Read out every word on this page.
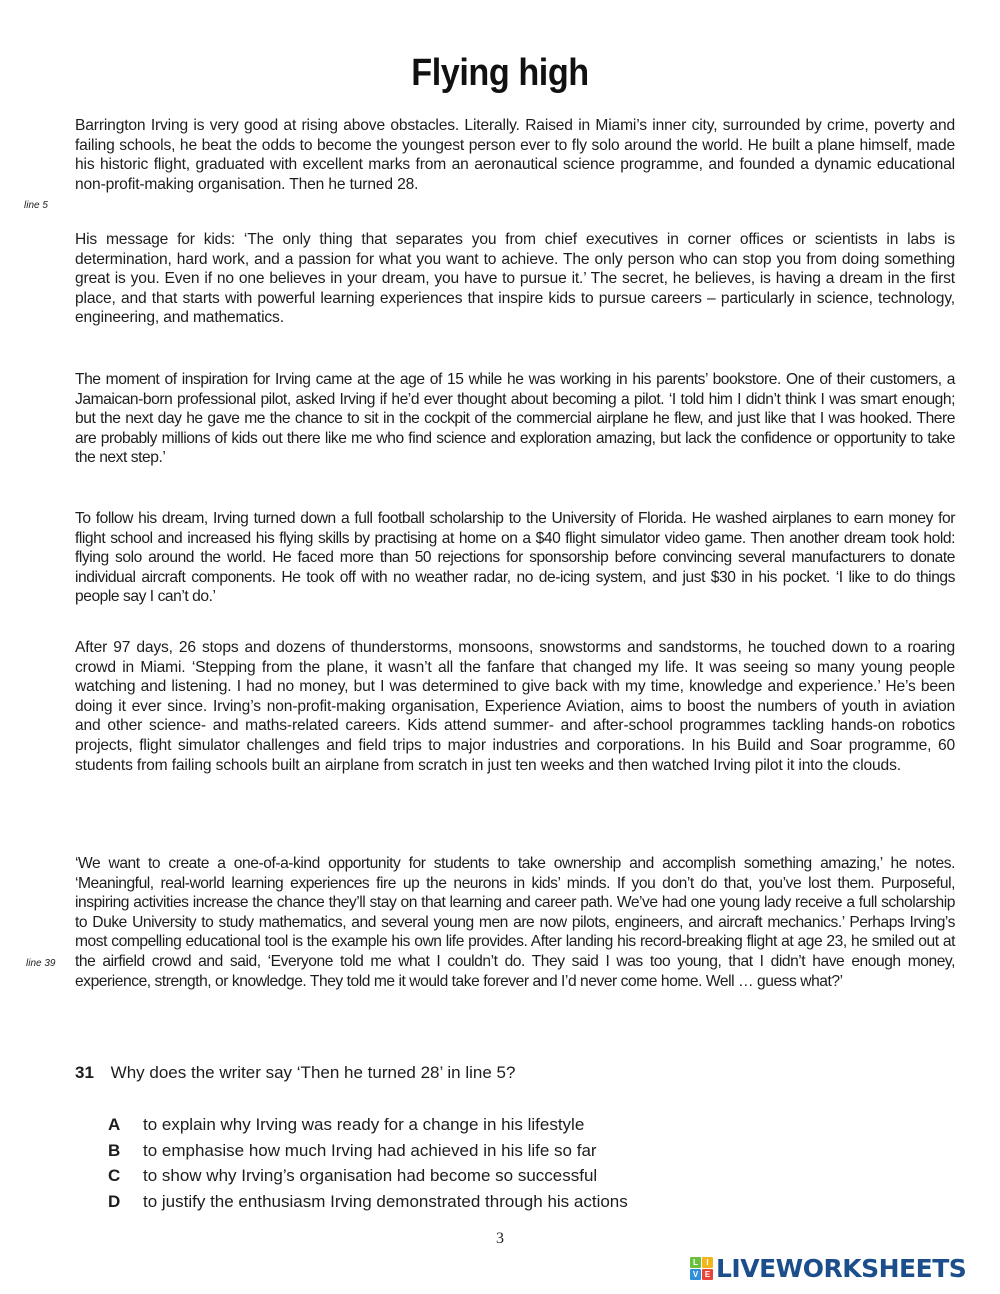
Flying high
Barrington Irving is very good at rising above obstacles. Literally. Raised in Miami’s inner city, surrounded by crime, poverty and failing schools, he beat the odds to become the youngest person ever to fly solo around the world. He built a plane himself, made his historic flight, graduated with excellent marks from an aeronautical science programme, and founded a dynamic educational non-profit-making organisation. Then he turned 28.
line 5
His message for kids: ‘The only thing that separates you from chief executives in corner offices or scientists in labs is determination, hard work, and a passion for what you want to achieve. The only person who can stop you from doing something great is you. Even if no one believes in your dream, you have to pursue it.’ The secret, he believes, is having a dream in the first place, and that starts with powerful learning experiences that inspire kids to pursue careers – particularly in science, technology, engineering, and mathematics.
The moment of inspiration for Irving came at the age of 15 while he was working in his parents’ bookstore. One of their customers, a Jamaican-born professional pilot, asked Irving if he’d ever thought about becoming a pilot. ‘I told him I didn’t think I was smart enough; but the next day he gave me the chance to sit in the cockpit of the commercial airplane he flew, and just like that I was hooked. There are probably millions of kids out there like me who find science and exploration amazing, but lack the confidence or opportunity to take the next step.’
To follow his dream, Irving turned down a full football scholarship to the University of Florida. He washed airplanes to earn money for flight school and increased his flying skills by practising at home on a $40 flight simulator video game. Then another dream took hold: flying solo around the world. He faced more than 50 rejections for sponsorship before convincing several manufacturers to donate individual aircraft components. He took off with no weather radar, no de-icing system, and just $30 in his pocket. ‘I like to do things people say I can’t do.’
After 97 days, 26 stops and dozens of thunderstorms, monsoons, snowstorms and sandstorms, he touched down to a roaring crowd in Miami. ‘Stepping from the plane, it wasn’t all the fanfare that changed my life. It was seeing so many young people watching and listening. I had no money, but I was determined to give back with my time, knowledge and experience.’ He’s been doing it ever since. Irving’s non-profit-making organisation, Experience Aviation, aims to boost the numbers of youth in aviation and other science- and maths-related careers. Kids attend summer- and after-school programmes tackling hands-on robotics projects, flight simulator challenges and field trips to major industries and corporations. In his Build and Soar programme, 60 students from failing schools built an airplane from scratch in just ten weeks and then watched Irving pilot it into the clouds.
‘We want to create a one-of-a-kind opportunity for students to take ownership and accomplish something amazing,’ he notes. ‘Meaningful, real-world learning experiences fire up the neurons in kids’ minds. If you don’t do that, you’ve lost them. Purposeful, inspiring activities increase the chance they’ll stay on that learning and career path. We’ve had one young lady receive a full scholarship to Duke University to study mathematics, and several young men are now pilots, engineers, and aircraft mechanics.’ Perhaps Irving’s most compelling educational tool is the example his own life provides. After landing his record-breaking flight at age 23, he smiled out at the airfield crowd and said, ‘Everyone told me what I couldn’t do. They said I was too young, that I didn’t have enough money, experience, strength, or knowledge. They told me it would take forever and I’d never come home. Well … guess what?’
line 39
31 Why does the writer say ‘Then he turned 28’ in line 5?
A	to explain why Irving was ready for a change in his lifestyle
B	to emphasise how much Irving had achieved in his life so far
C	to show why Irving’s organisation had become so successful
D	to justify the enthusiasm Irving demonstrated through his actions
3
L	I
V E LIVEWORKSHEETS
